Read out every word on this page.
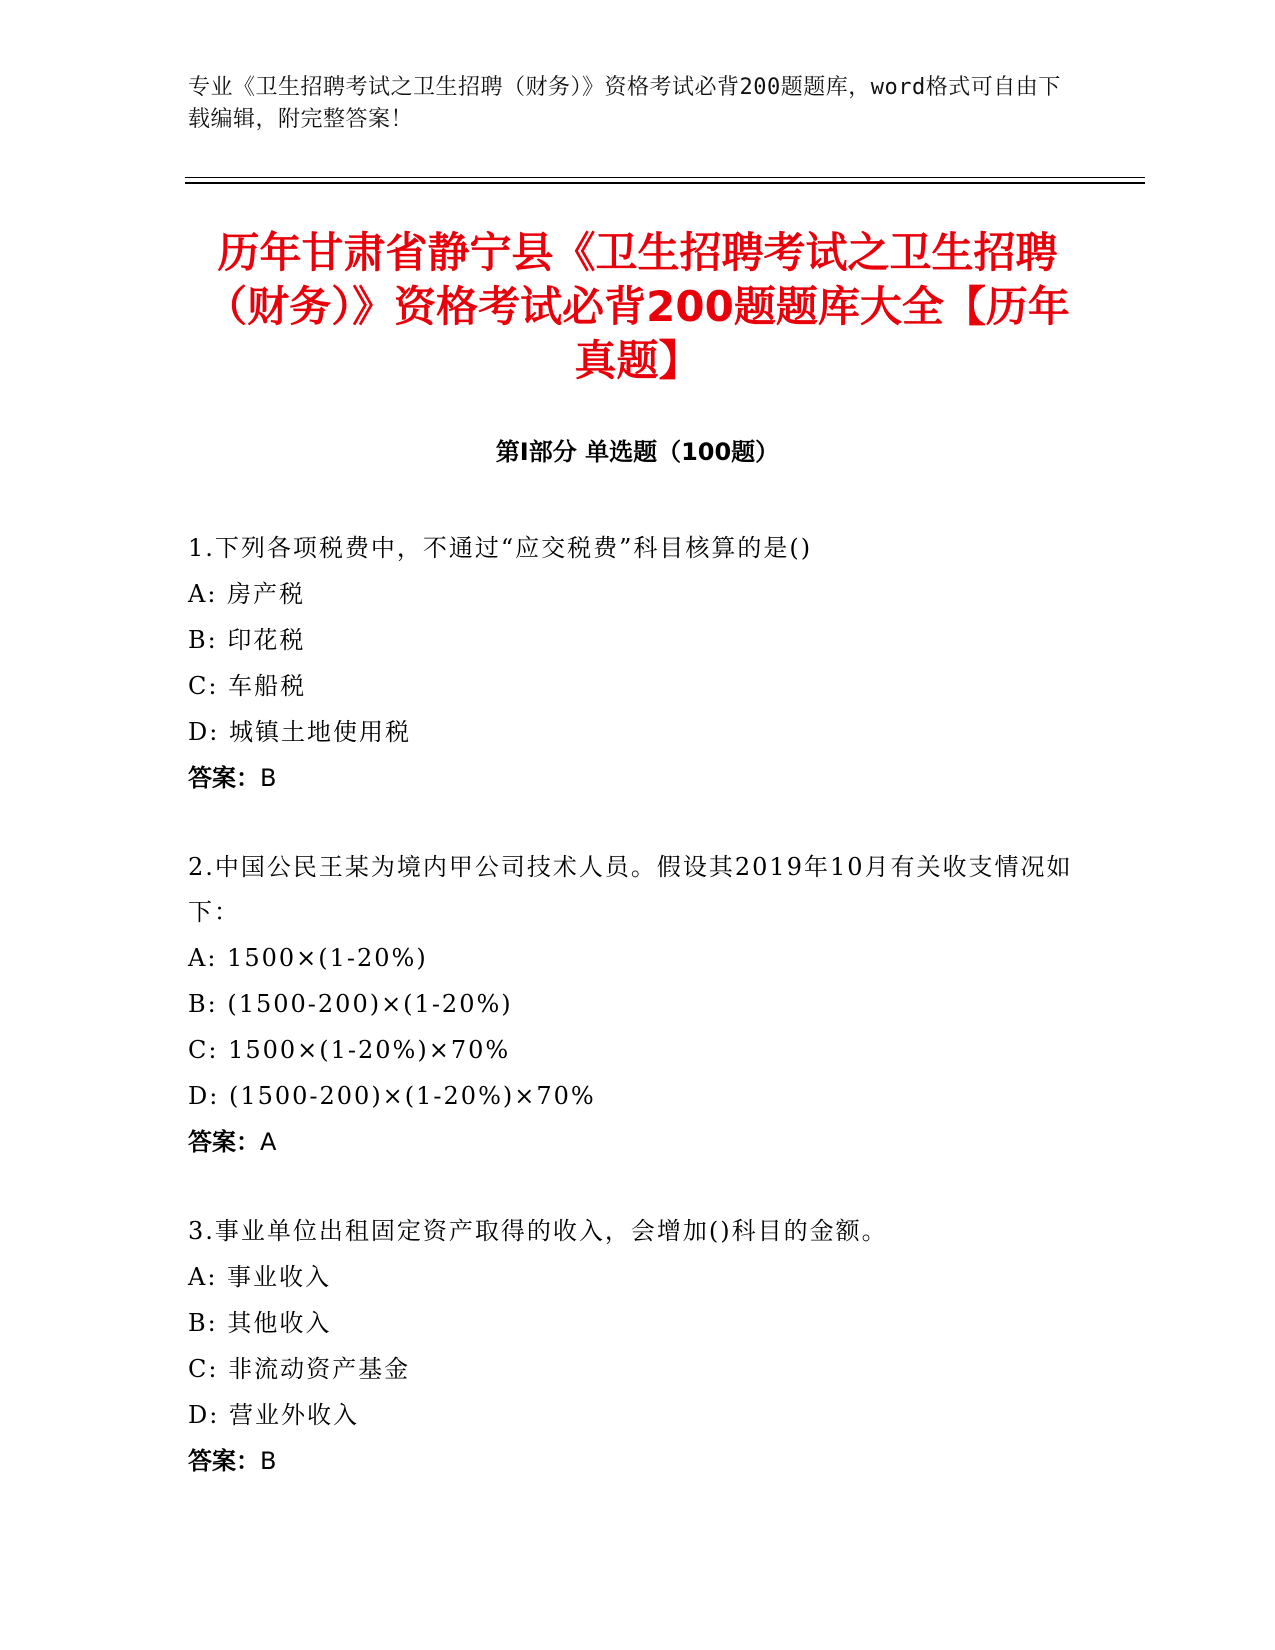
专业《卫生招聘考试之卫生招聘（财务）》资格考试必背200题题库，word格式可自由下载编辑，附完整答案！
历年甘肃省静宁县《卫生招聘考试之卫生招聘（财务）》资格考试必背200题题库大全【历年真题】
第I部分 单选题（100题）
1.下列各项税费中，不通过“应交税费”科目核算的是()
A: 房产税
B: 印花税
C: 车船税
D: 城镇土地使用税
答案：B
2.中国公民王某为境内甲公司技术人员。假设其2019年10月有关收支情况如下：
A: 1500×(1-20%)
B: (1500-200)×(1-20%)
C: 1500×(1-20%)×70%
D: (1500-200)×(1-20%)×70%
答案：A
3.事业单位出租固定资产取得的收入，会增加()科目的金额。
A: 事业收入
B: 其他收入
C: 非流动资产基金
D: 营业外收入
答案：B
